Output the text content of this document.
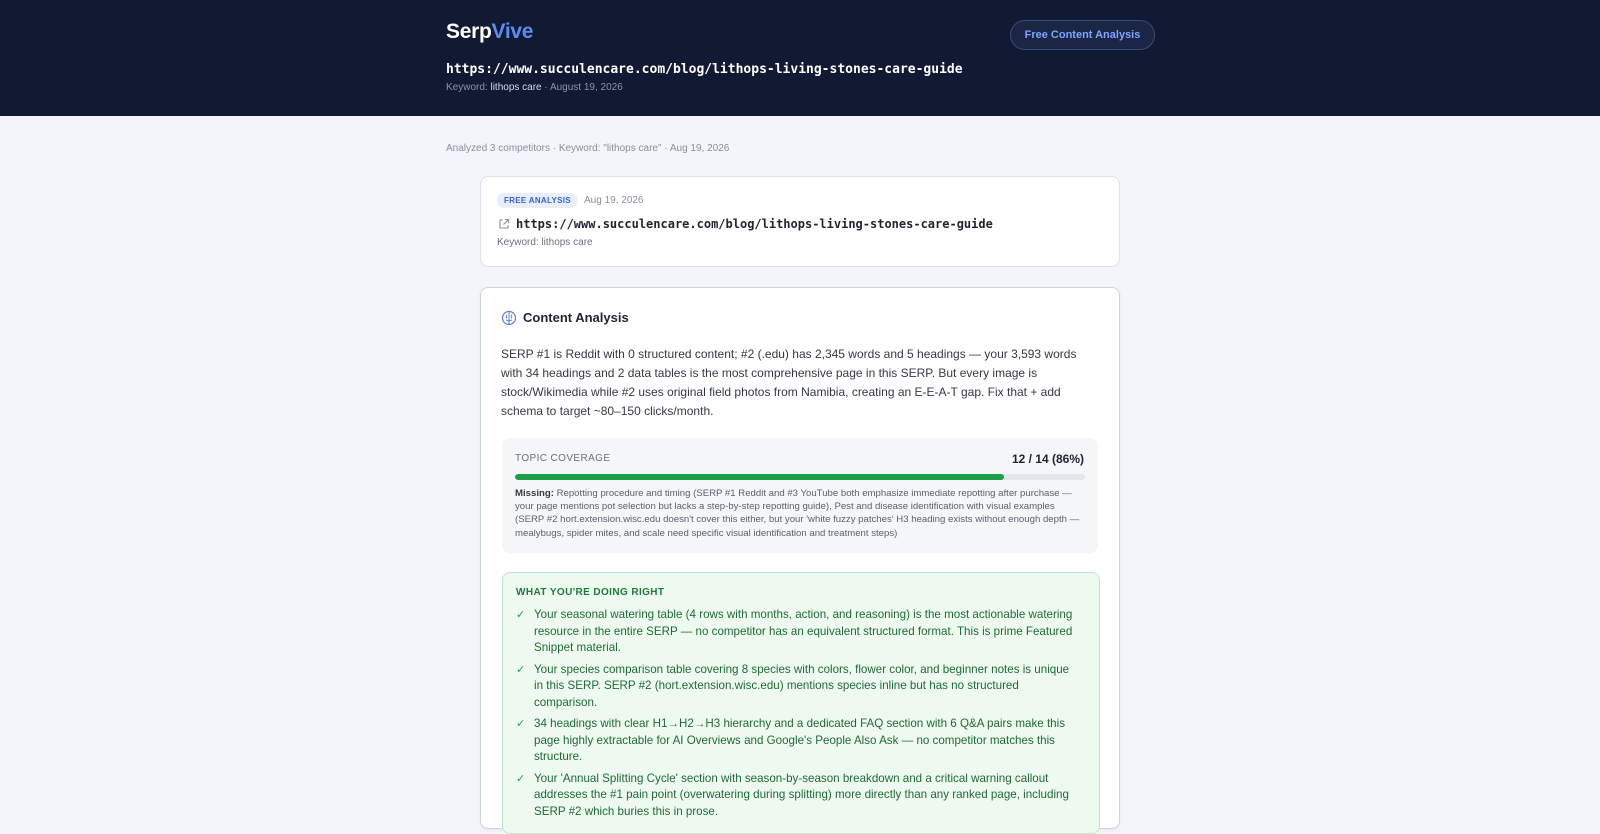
SerpVive	Free Content Analysis
https://www.succulencare.com/blog/lithops-living-stones-care-guide
Keyword: lithops care · August 19, 2026
Analyzed 3 competitors · Keyword: "lithops care" · Aug 19, 2026
FREE ANALYSIS	Aug 19, 2026
https://www.succulencare.com/blog/lithops-living-stones-care-guide
Keyword: lithops care
Content Analysis
SERP #1 is Reddit with 0 structured content; #2 (.edu) has 2,345 words and 5 headings — your 3,593 words with 34 headings and 2 data tables is the most comprehensive page in this SERP. But every image is stock/Wikimedia while #2 uses original field photos from Namibia, creating an E-E-A-T gap. Fix that + add schema to target ~80–150 clicks/month.
TOPIC COVERAGE	12 / 14 (86%)
Missing: Repotting procedure and timing (SERP #1 Reddit and #3 YouTube both emphasize immediate repotting after purchase — your page mentions pot selection but lacks a step-by-step repotting guide), Pest and disease identification with visual examples (SERP #2 hort.extension.wisc.edu doesn't cover this either, but your 'white fuzzy patches' H3 heading exists without enough depth — mealybugs, spider mites, and scale need specific visual identification and treatment steps)
WHAT YOU'RE DOING RIGHT
✓ Your seasonal watering table (4 rows with months, action, and reasoning) is the most actionable watering resource in the entire SERP — no competitor has an equivalent structured format. This is prime Featured Snippet material.
✓ Your species comparison table covering 8 species with colors, flower color, and beginner notes is unique in this SERP. SERP #2 (hort.extension.wisc.edu) mentions species inline but has no structured comparison.
✓ 34 headings with clear H1→H2→H3 hierarchy and a dedicated FAQ section with 6 Q&A pairs make this page highly extractable for AI Overviews and Google's People Also Ask — no competitor matches this structure.
✓ Your 'Annual Splitting Cycle' section with season-by-season breakdown and a critical warning callout addresses the #1 pain point (overwatering during splitting) more directly than any ranked page, including SERP #2 which buries this in prose.
